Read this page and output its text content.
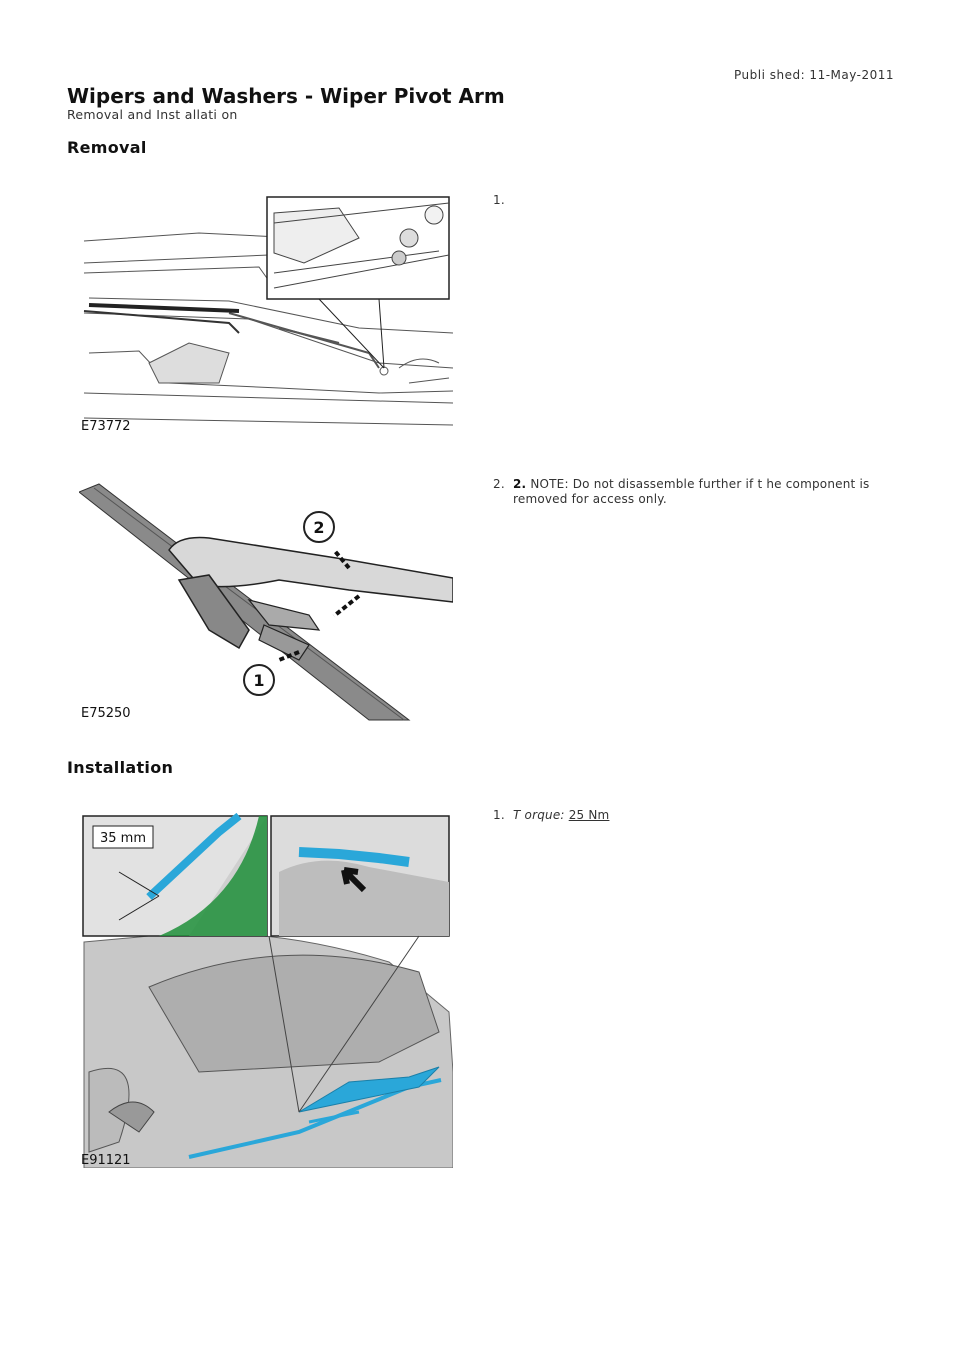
Publi shed: 11-May-2011
Wipers and Washers - Wiper Pivot Arm
Removal and Inst allati on
Removal
E73772
1.
2
1
E75250
2. 2. NOTE: Do not disassemble further if t he component is removed for access only.
Installation
35 mm
E91121
1. T orque: 25 Nm
